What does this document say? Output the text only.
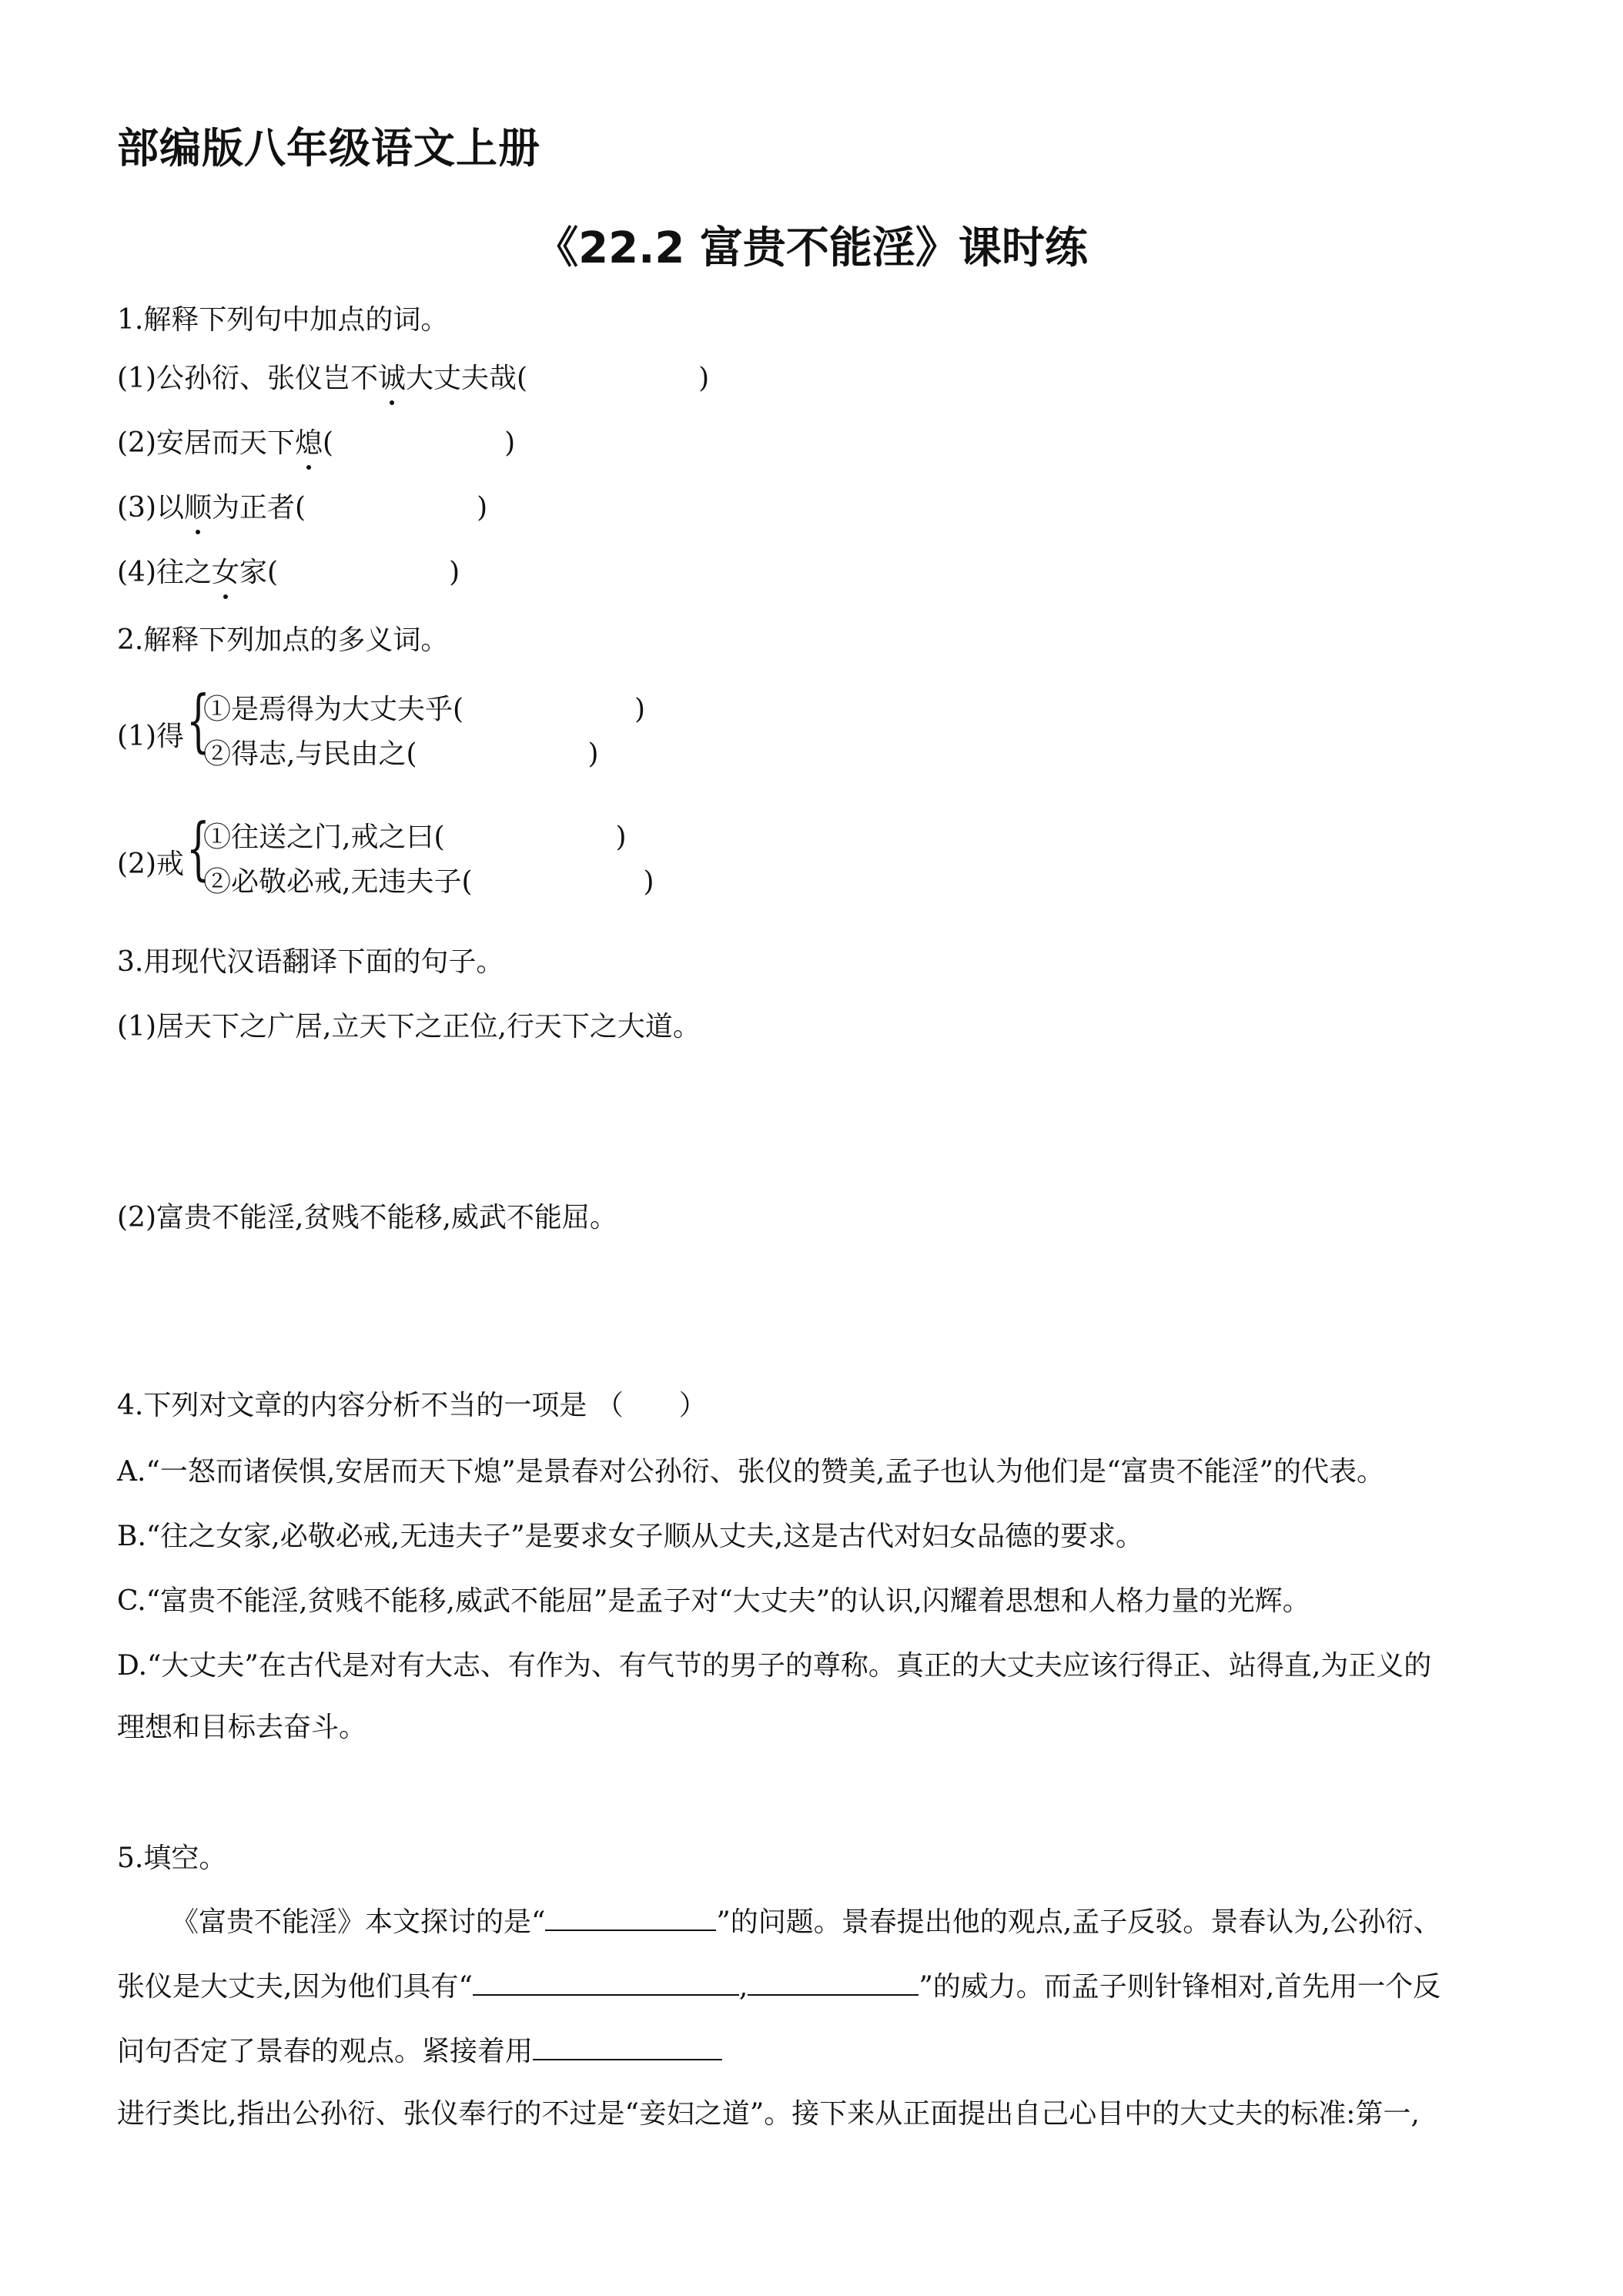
部编版八年级语文上册
《22.2 富贵不能淫》课时练
1.解释下列句中加点的词。
(1)公孙衍、张仪岂不诚大丈夫哉(	)
(2)安居而天下熄(	)
(3)以顺为正者(	)
(4)往之女家(	)
2.解释下列加点的多义词。
(1)得 {
①是焉得为大丈夫乎(	)
②得志,与民由之(	)
(2)戒 {
①往送之门,戒之曰(	)
②必敬必戒,无违夫子(	)
3.用现代汉语翻译下面的句子。
(1)居天下之广居,立天下之正位,行天下之大道。
(2)富贵不能淫,贫贱不能移,威武不能屈。
4.下列对文章的内容分析不当的一项是 （　　）
A.“一怒而诸侯惧,安居而天下熄”是景春对公孙衍、张仪的赞美,孟子也认为他们是“富贵不能淫”的代表。
B.“往之女家,必敬必戒,无违夫子”是要求女子顺从丈夫,这是古代对妇女品德的要求。
C.“富贵不能淫,贫贱不能移,威武不能屈”是孟子对“大丈夫”的认识,闪耀着思想和人格力量的光辉。
D.“大丈夫”在古代是对有大志、有作为、有气节的男子的尊称。真正的大丈夫应该行得正、站得直,为正义的
理想和目标去奋斗。
5.填空。
《富贵不能淫》本文探讨的是“	”的问题。景春提出他的观点,孟子反驳。景春认为,公孙衍、
张仪是大丈夫,因为他们具有“	,	”的威力。而孟子则针锋相对,首先用一个反
问句否定了景春的观点。紧接着用
进行类比,指出公孙衍、张仪奉行的不过是“妾妇之道”。接下来从正面提出自己心目中的大丈夫的标准:第一,
